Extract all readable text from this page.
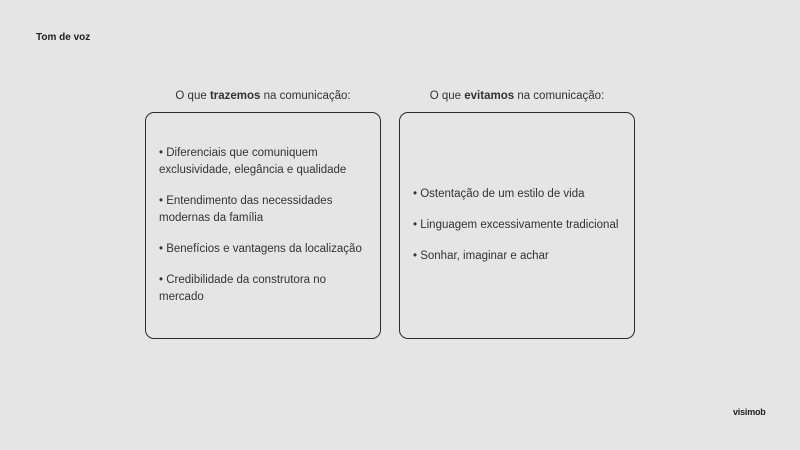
Tom de voz
O que trazemos na comunicação:
• Diferenciais que comuniquem exclusividade, elegância e qualidade
• Entendimento das necessidades modernas da família
• Benefícios e vantagens da localização
• Credibilidade da construtora no mercado
O que evitamos na comunicação:
• Ostentação de um estilo de vida
• Linguagem excessivamente tradicional
• Sonhar, imaginar e achar
visimob
